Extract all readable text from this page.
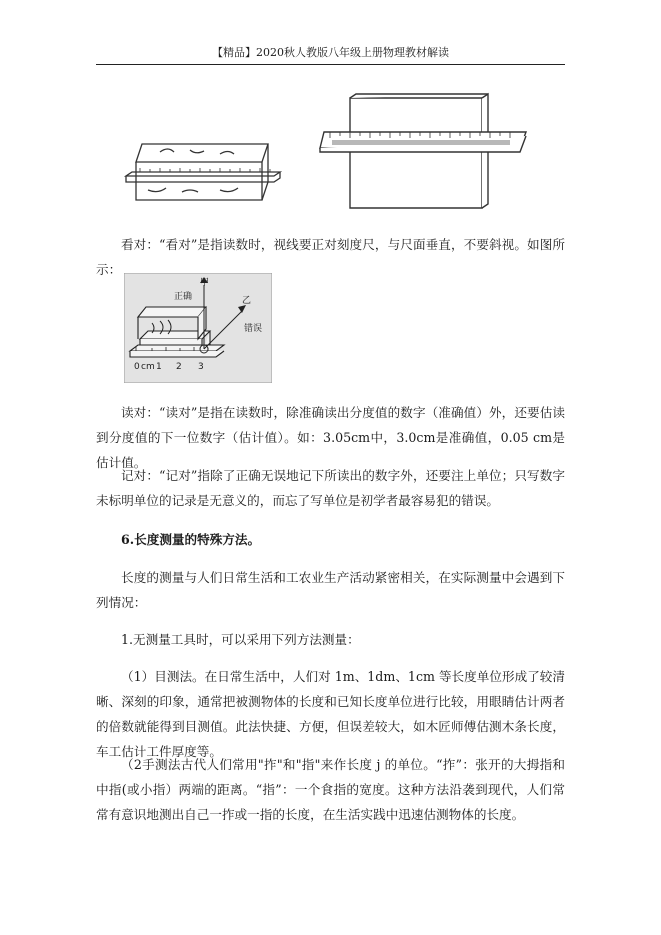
【精品】2020秋人教版八年级上册物理教材解读
看对：“看对”是指读数时，视线要正对刻度尺，与尺面垂直，不要斜视。如图所示：
甲
正确	乙
错误
0 cm 1 2 3
读对：“读对”是指在读数时，除准确读出分度值的数字（准确值）外，还要估读到分度值的下一位数字（估计值）。如：3.05cm中，3.0cm是准确值，0.05 cm是估计值。
记对：“记对”指除了正确无误地记下所读出的数字外，还要注上单位；只写数字未标明单位的记录是无意义的，而忘了写单位是初学者最容易犯的错误。
6.长度测量的特殊方法。
长度的测量与人们日常生活和工农业生产活动紧密相关，在实际测量中会遇到下列情况：
1.无测量工具时，可以采用下列方法测量：
（1）目测法。在日常生活中，人们对 1m、1dm、1cm 等长度单位形成了较清晰、深刻的印象，通常把被测物体的长度和已知长度单位进行比较，用眼睛估计两者的倍数就能得到目测值。此法快捷、方便，但误差较大，如木匠师傅估测木条长度，车工估计工件厚度等。
（2手测法古代人们常用"拃"和"指"来作长度 j 的单位。“拃”：张开的大拇指和中指(或小指）两端的距离。“指”：一个食指的宽度。这种方法沿袭到现代，人们常常有意识地测出自己一拃或一指的长度，在生活实践中迅速估测物体的长度。
